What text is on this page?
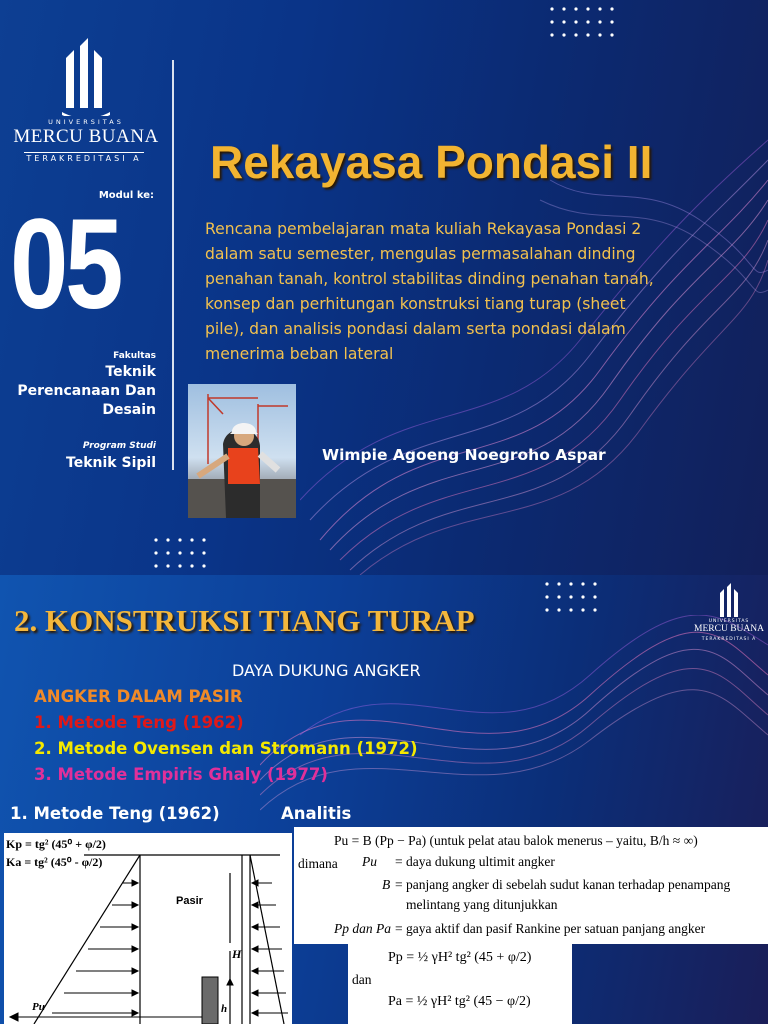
UNIVERSITAS
MERCU BUANA
TERAKREDITASI A
Modul ke:
05
Fakultas
Teknik
Perencanaan Dan
Desain
Program Studi
Teknik Sipil
Rekayasa Pondasi II
Rencana pembelajaran mata kuliah Rekayasa Pondasi 2
dalam satu semester, mengulas permasalahan dinding
penahan tanah, kontrol stabilitas dinding penahan tanah,
konsep dan perhitungan konstruksi tiang turap (sheet
pile), dan analisis pondasi dalam serta pondasi dalam
menerima beban lateral
Wimpie Agoeng Noegroho Aspar
UNIVERSITAS
MERCU BUANA
TERAKREDITASI A
2. KONSTRUKSI TIANG TURAP
DAYA DUKUNG ANGKER
ANGKER DALAM PASIR
1. Metode Teng (1962)
2. Metode Ovensen dan Stromann (1972)
3. Metode Empiris Ghaly (1977)
1. Metode Teng (1962)	Analitis
Kp = tg² (45⁰ + φ/2)
Ka = tg² (45⁰ - φ/2)
Pasir
H
h
Pu
Pu = B (Pp − Pa) (untuk pelat atau balok menerus – yaitu, B/h ≈ ∞)
dimana Pu = daya dukung ultimit angker
B = panjang angker di sebelah sudut kanan terhadap penampang
melintang yang ditunjukkan
Pp dan Pa = gaya aktif dan pasif Rankine per satuan panjang angker
Pp = ½ γH² tg² (45 + φ/2)
dan
Pa = ½ γH² tg² (45 − φ/2)
